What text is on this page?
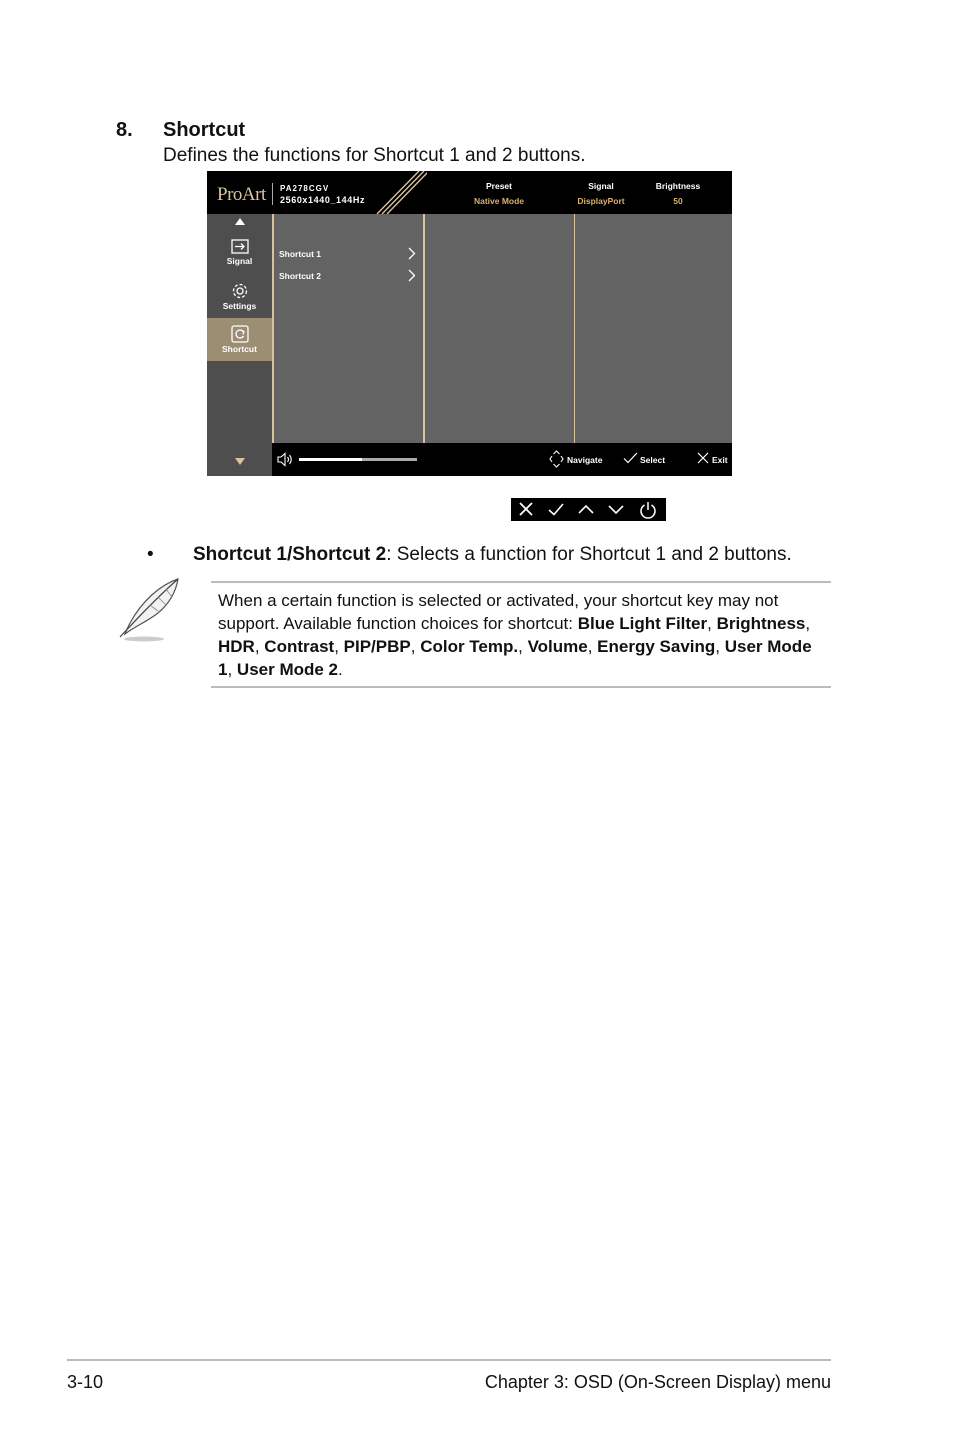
8. Shortcut
Defines the functions for Shortcut 1 and 2 buttons.
ProArt PA278CGV
2560x1440_144Hz
Preset
Native Mode
Signal
DisplayPort
Brightness
50
Signal
Settings
Shortcut
Shortcut 1
Shortcut 2
Navigate	Select	Exit
• Shortcut 1/Shortcut 2: Selects a function for Shortcut 1 and 2 buttons.
When a certain function is selected or activated, your shortcut key may not support. Available function choices for shortcut: Blue Light Filter, Brightness, HDR, Contrast, PIP/PBP, Color Temp., Volume, Energy Saving, User Mode 1, User Mode 2.
3-10	Chapter 3: OSD (On-Screen Display) menu
